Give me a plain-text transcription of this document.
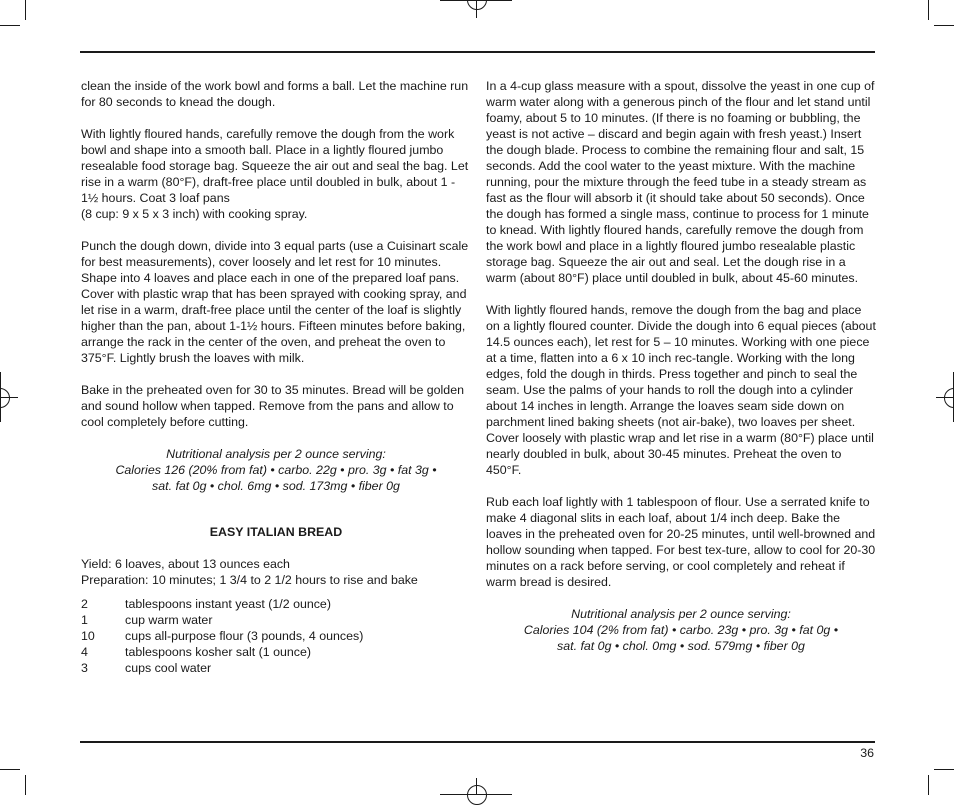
clean the inside of the work bowl and forms a ball. Let the machine run for 80 seconds to knead the dough.

With lightly floured hands, carefully remove the dough from the work bowl and shape into a smooth ball. Place in a lightly floured jumbo resealable food storage bag. Squeeze the air out and seal the bag. Let rise in a warm (80°F), draft-free place until doubled in bulk, about 1 - 1½ hours. Coat 3 loaf pans

(8 cup: 9 x 5 x 3 inch) with cooking spray.

Punch the dough down, divide into 3 equal parts (use a Cuisinart scale for best measurements), cover loosely and let rest for 10 minutes. Shape into 4 loaves and place each in one of the prepared loaf pans. Cover with plastic wrap that has been sprayed with cooking spray, and let rise in a warm, draft-free place until the center of the loaf is slightly higher than the pan, about 1-1½ hours. Fifteen minutes before baking, arrange the rack in the center of the oven, and preheat the oven to 375°F. Lightly brush the loaves with milk.

Bake in the preheated oven for 30 to 35 minutes. Bread will be golden and sound hollow when tapped. Remove from the pans and allow to cool completely before cutting.

Nutritional analysis per 2 ounce serving:
Calories 126 (20% from fat) • carbo. 22g • pro. 3g • fat 3g •
sat. fat 0g • chol. 6mg • sod. 173mg • fiber 0g
EASY ITALIAN BREAD
Yield: 6 loaves, about 13 ounces each
Preparation: 10 minutes; 1 3/4 to 2 1/2 hours to rise and bake
2	tablespoons instant yeast (1/2 ounce)
1	cup warm water
10	cups all-purpose flour (3 pounds, 4 ounces)
4	tablespoons kosher salt (1 ounce)
3	cups cool water

In a 4-cup glass measure with a spout, dissolve the yeast in one cup of warm water along with a generous pinch of the flour and let stand until foamy, about 5 to 10 minutes. (If there is no foaming or bubbling, the yeast is not active – discard and begin again with fresh yeast.) Insert the dough blade. Process to combine the remaining flour and salt, 15 seconds. Add the cool water to the yeast mixture. With the machine running, pour the mixture through the feed tube in a steady stream as fast as the flour will absorb it (it should take about 50 seconds). Once the dough has formed a single mass, continue to process for 1 minute to knead. With lightly floured hands, carefully remove the dough from the work bowl and place in a lightly floured jumbo resealable plastic storage bag. Squeeze the air out and seal. Let the dough rise in a warm (about 80°F) place until doubled in bulk, about 45-60 minutes.

With lightly floured hands, remove the dough from the bag and place on a lightly floured counter. Divide the dough into 6 equal pieces (about 14.5 ounces each), let rest for 5 – 10 minutes. Working with one piece at a time, flatten into a 6 x 10 inch rec-tangle. Working with the long edges, fold the dough in thirds. Press together and pinch to seal the seam. Use the palms of your hands to roll the dough into a cylinder about 14 inches in length. Arrange the loaves seam side down on parchment lined baking sheets (not air-bake), two loaves per sheet. Cover loosely with plastic wrap and let rise in a warm (80°F) place until nearly doubled in bulk, about 30-45 minutes. Preheat the oven to 450°F.

Rub each loaf lightly with 1 tablespoon of flour. Use a serrated knife to make 4 diagonal slits in each loaf, about 1/4 inch deep. Bake the loaves in the preheated oven for 20-25 minutes, until well-browned and hollow sounding when tapped. For best tex-ture, allow to cool for 20-30 minutes on a rack before serving, or cool completely and reheat if warm bread is desired.

Nutritional analysis per 2 ounce serving:
Calories 104 (2% from fat) • carbo. 23g • pro. 3g • fat 0g •
sat. fat 0g • chol. 0mg • sod. 579mg • fiber 0g
36
